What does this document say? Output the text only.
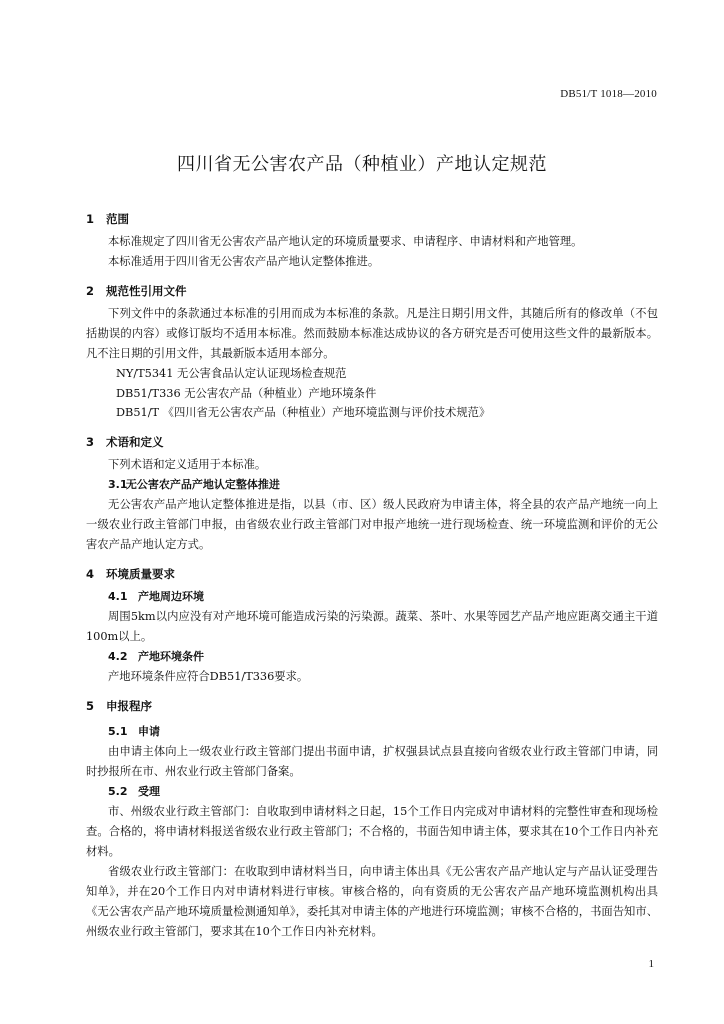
DB51/T 1018—2010
四川省无公害农产品（种植业）产地认定规范
1 范围

本标准规定了四川省无公害农产品产地认定的环境质量要求、申请程序、申请材料和产地管理。

本标准适用于四川省无公害农产品产地认定整体推进。

2 规范性引用文件

下列文件中的条款通过本标准的引用而成为本标准的条款。凡是注日期引用文件，其随后所有的修改单（不包括勘误的内容）或修订版均不适用本标准。然而鼓励本标准达成协议的各方研究是否可使用这些文件的最新版本。凡不注日期的引用文件，其最新版本适用本部分。

NY/T5341 无公害食品认定认证现场检查规范
DB51/T336 无公害农产品（种植业）产地环境条件
DB51/T 《四川省无公害农产品（种植业）产地环境监测与评价技术规范》
3 术语和定义

下列术语和定义适用于本标准。

3.1 无公害农产品产地认定整体推进

无公害农产品产地认定整体推进是指，以县（市、区）级人民政府为申请主体，将全县的农产品产地统一向上一级农业行政主管部门申报，由省级农业行政主管部门对申报产地统一进行现场检查、统一环境监测和评价的无公害农产品产地认定方式。

4 环境质量要求
4.1 产地周边环境

周围5km以内应没有对产地环境可能造成污染的污染源。蔬菜、茶叶、水果等园艺产品产地应距离交通主干道100m以上。

4.2 产地环境条件

产地环境条件应符合DB51/T336要求。

5 申报程序
5.1 申请

由申请主体向上一级农业行政主管部门提出书面申请，扩权强县试点县直接向省级农业行政主管部门申请，同时抄报所在市、州农业行政主管部门备案。

5.2 受理

市、州级农业行政主管部门：自收取到申请材料之日起，15个工作日内完成对申请材料的完整性审查和现场检查。合格的，将申请材料报送省级农业行政主管部门；不合格的，书面告知申请主体，要求其在10个工作日内补充材料。

省级农业行政主管部门：在收取到申请材料当日，向申请主体出具《无公害农产品产地认定与产品认证受理告知单》，并在20个工作日内对申请材料进行审核。审核合格的，向有资质的无公害农产品产地环境监测机构出具《无公害农产品产地环境质量检测通知单》，委托其对申请主体的产地进行环境监测；审核不合格的，书面告知市、州级农业行政主管部门，要求其在10个工作日内补充材料。

1
